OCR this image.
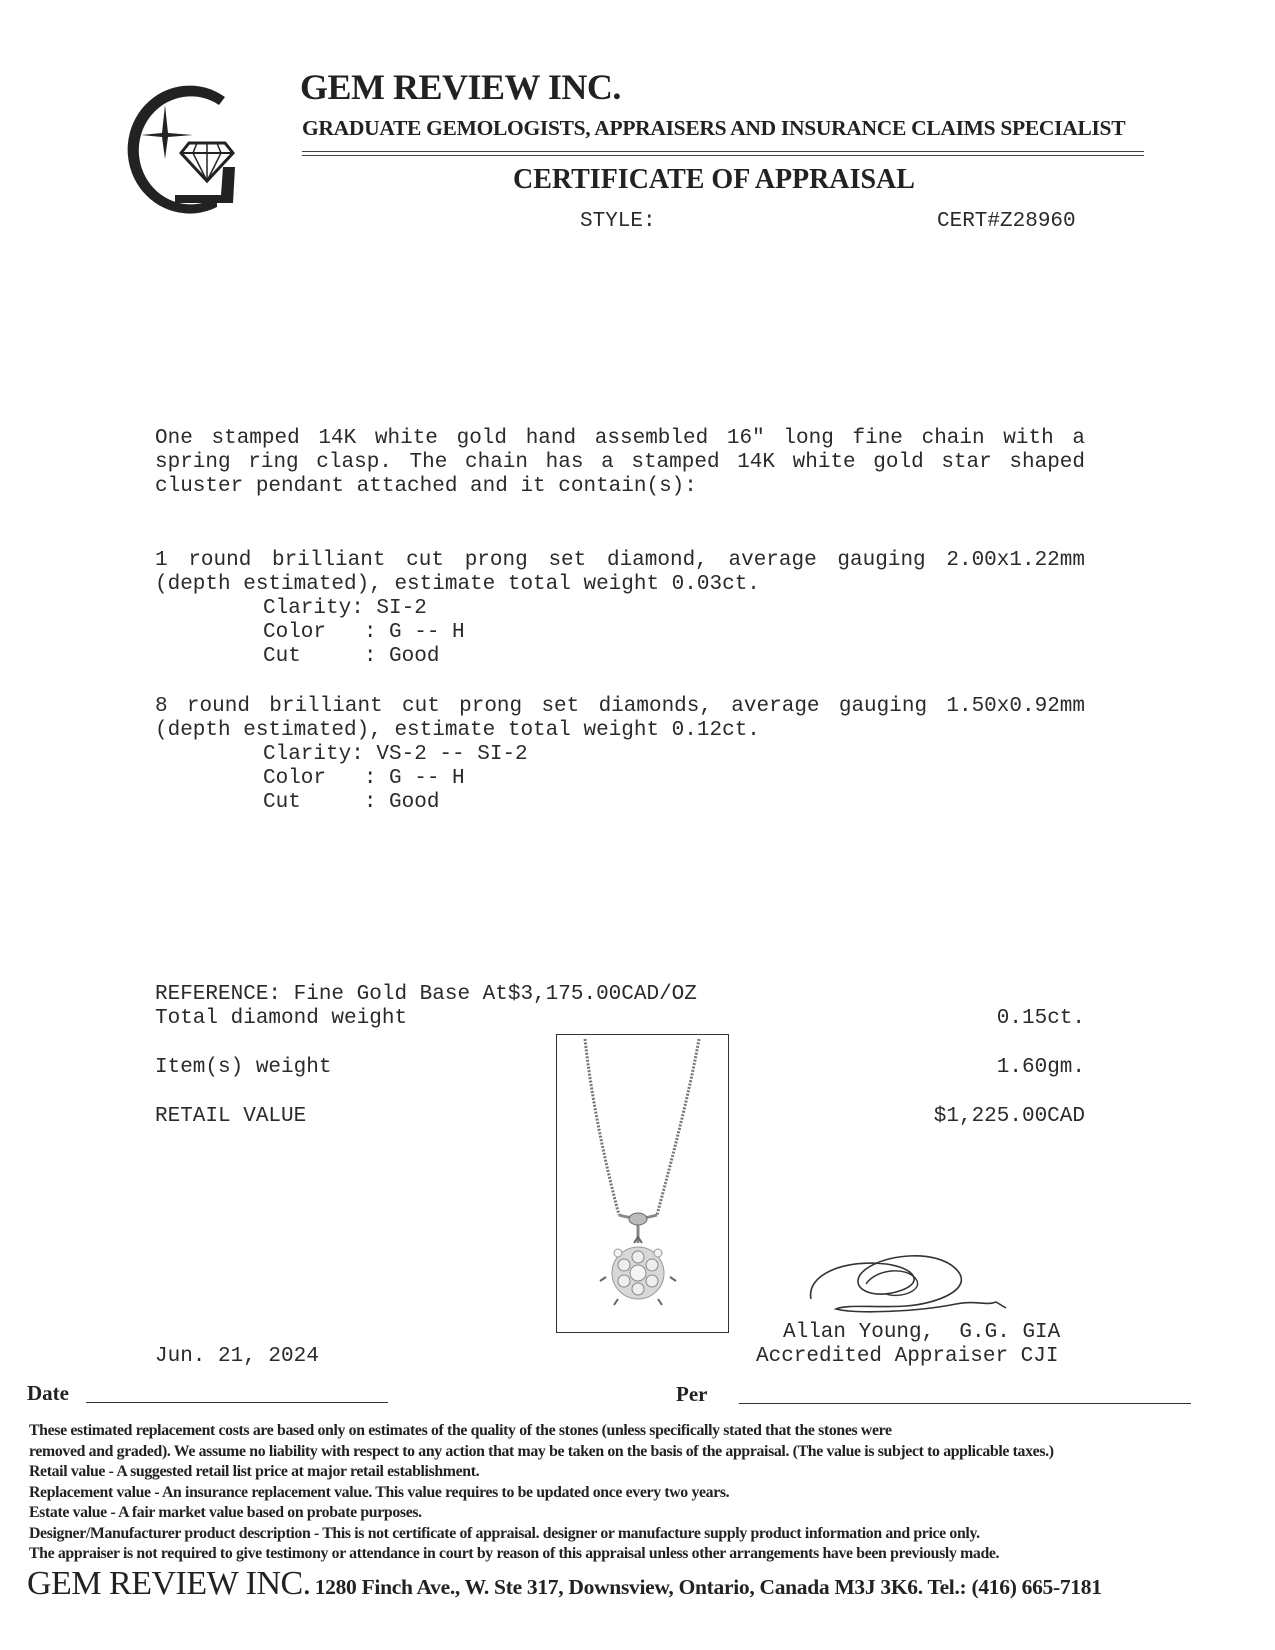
GEM REVIEW INC.
GRADUATE GEMOLOGISTS, APPRAISERS AND INSURANCE CLAIMS SPECIALIST
CERTIFICATE OF APPRAISAL
STYLE:	CERT#Z28960
One stamped 14K white gold hand assembled 16" long fine chain with a spring ring clasp. The chain has a stamped 14K white gold star shaped cluster pendant attached and it contain(s):
1 round brilliant cut prong set diamond, average gauging 2.00x1.22mm (depth estimated), estimate total weight 0.03ct.
Clarity: SI-2
Color   : G -- H
Cut     : Good
8 round brilliant cut prong set diamonds, average gauging 1.50x0.92mm (depth estimated), estimate total weight 0.12ct.
Clarity: VS-2 -- SI-2
Color   : G -- H
Cut     : Good
REFERENCE: Fine Gold Base At$3,175.00CAD/OZ
Total diamond weight	0.15ct.
Item(s) weight	1.60gm.
RETAIL VALUE	$1,225.00CAD
Allan Young,  G.G. GIA
Accredited Appraiser CJI
Jun. 21, 2024
Date	Per
These estimated replacement costs are based only on estimates of the quality of the stones (unless specifically stated that the stones were
removed and graded). We assume no liability with respect to any action that may be taken on the basis of the appraisal. (The value is subject to applicable taxes.)
Retail value - A suggested retail list price at major retail establishment.
Replacement value - An insurance replacement value. This value requires to be updated once every two years.
Estate value - A fair market value based on probate purposes.
Designer/Manufacturer product description - This is not certificate of appraisal. designer or manufacture supply product information and price only.
The appraiser is not required to give testimony or attendance in court by reason of this appraisal unless other arrangements have been previously made.
GEM REVIEW INC. 1280 Finch Ave., W. Ste 317, Downsview, Ontario, Canada M3J 3K6. Tel.: (416) 665-7181
